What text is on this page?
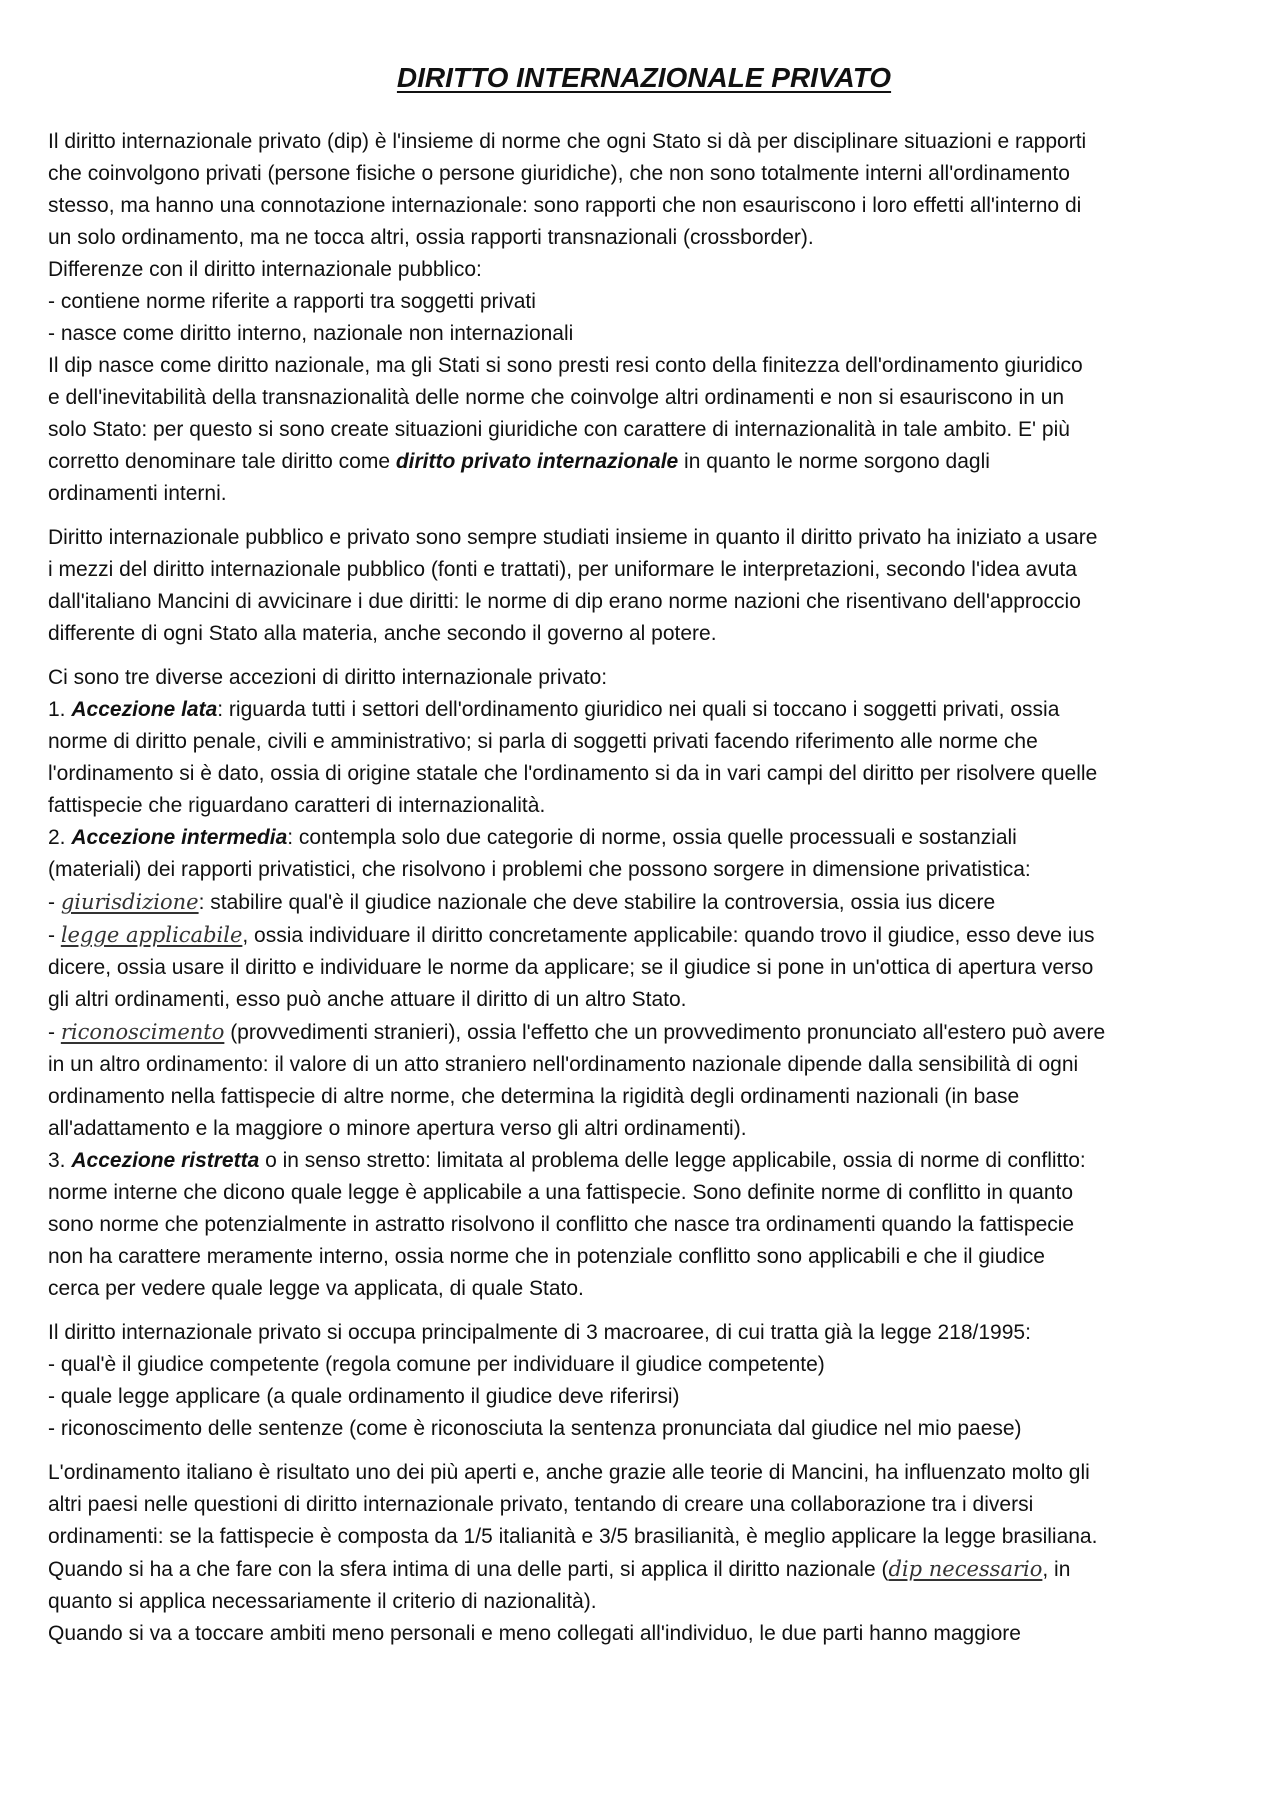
DIRITTO INTERNAZIONALE PRIVATO
Il diritto internazionale privato (dip) è l'insieme di norme che ogni Stato si dà per disciplinare situazioni e rapporti
che coinvolgono privati (persone fisiche o persone giuridiche), che non sono totalmente interni all'ordinamento
stesso, ma hanno una connotazione internazionale: sono rapporti che non esauriscono i loro effetti all'interno di
un solo ordinamento, ma ne tocca altri, ossia rapporti transnazionali (crossborder).
Differenze con il diritto internazionale pubblico:
- contiene norme riferite a rapporti tra soggetti privati
- nasce come diritto interno, nazionale non internazionali
Il dip nasce come diritto nazionale, ma gli Stati si sono presti resi conto della finitezza dell'ordinamento giuridico
e dell'inevitabilità della transnazionalità delle norme che coinvolge altri ordinamenti e non si esauriscono in un
solo Stato: per questo si sono create situazioni giuridiche con carattere di internazionalità in tale ambito. E' più
corretto denominare tale diritto come diritto privato internazionale in quanto le norme sorgono dagli
ordinamenti interni.
Diritto internazionale pubblico e privato sono sempre studiati insieme in quanto il diritto privato ha iniziato a usare
i mezzi del diritto internazionale pubblico (fonti e trattati), per uniformare le interpretazioni, secondo l'idea avuta
dall'italiano Mancini di avvicinare i due diritti: le norme di dip erano norme nazioni che risentivano dell'approccio
differente di ogni Stato alla materia, anche secondo il governo al potere.
Ci sono tre diverse accezioni di diritto internazionale privato:
1. Accezione lata: riguarda tutti i settori dell'ordinamento giuridico nei quali si toccano i soggetti privati, ossia
norme di diritto penale, civili e amministrativo; si parla di soggetti privati facendo riferimento alle norme che
l'ordinamento si è dato, ossia di origine statale che l'ordinamento si da in vari campi del diritto per risolvere quelle
fattispecie che riguardano caratteri di internazionalità.
2. Accezione intermedia: contempla solo due categorie di norme, ossia quelle processuali e sostanziali
(materiali) dei rapporti privatistici, che risolvono i problemi che possono sorgere in dimensione privatistica:
- giurisdizione: stabilire qual'è il giudice nazionale che deve stabilire la controversia, ossia ius dicere
- legge applicabile, ossia individuare il diritto concretamente applicabile: quando trovo il giudice, esso deve ius
dicere, ossia usare il diritto e individuare le norme da applicare; se il giudice si pone in un'ottica di apertura verso
gli altri ordinamenti, esso può anche attuare il diritto di un altro Stato.
- riconoscimento (provvedimenti stranieri), ossia l'effetto che un provvedimento pronunciato all'estero può avere
in un altro ordinamento: il valore di un atto straniero nell'ordinamento nazionale dipende dalla sensibilità di ogni
ordinamento nella fattispecie di altre norme, che determina la rigidità degli ordinamenti nazionali (in base
all'adattamento e la maggiore o minore apertura verso gli altri ordinamenti).
3. Accezione ristretta o in senso stretto: limitata al problema delle legge applicabile, ossia di norme di conflitto:
norme interne che dicono quale legge è applicabile a una fattispecie. Sono definite norme di conflitto in quanto
sono norme che potenzialmente in astratto risolvono il conflitto che nasce tra ordinamenti quando la fattispecie
non ha carattere meramente interno, ossia norme che in potenziale conflitto sono applicabili e che il giudice
cerca per vedere quale legge va applicata, di quale Stato.
Il diritto internazionale privato si occupa principalmente di 3 macroaree, di cui tratta già la legge 218/1995:
- qual'è il giudice competente (regola comune per individuare il giudice competente)
- quale legge applicare (a quale ordinamento il giudice deve riferirsi)
- riconoscimento delle sentenze (come è riconosciuta la sentenza pronunciata dal giudice nel mio paese)
L'ordinamento italiano è risultato uno dei più aperti e, anche grazie alle teorie di Mancini, ha influenzato molto gli
altri paesi nelle questioni di diritto internazionale privato, tentando di creare una collaborazione tra i diversi
ordinamenti: se la fattispecie è composta da 1/5 italianità e 3/5 brasilianità, è meglio applicare la legge brasiliana.
Quando si ha a che fare con la sfera intima di una delle parti, si applica il diritto nazionale (dip necessario, in
quanto si applica necessariamente il criterio di nazionalità).
Quando si va a toccare ambiti meno personali e meno collegati all'individuo, le due parti hanno maggiore
